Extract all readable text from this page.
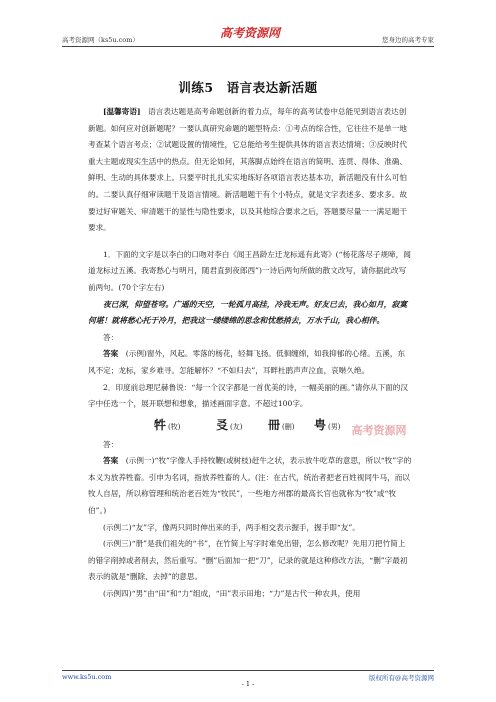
高考资源网（ks5u.com）	高考资源网	您身边的高考专家
训练5　语言表达新活题

[温馨寄语]　 语言表达题是高考命题创新的着力点，每年的高考试卷中总能见到语言表达创新题。如何应对创新题呢？一要认真研究命题的题型特点：①考点的综合性，它往往不是单一地考查某个语言考点；②试题设置的情境性，它总能给考生提供具体的语言表达情境；③反映时代重大主题或现实生活中的热点。但无论如何，其落脚点始终在语言的简明、连贯、得体、准确、鲜明、生动的具体要求上。只要平时扎扎实实地练好各项语言表达基本功，新活题没有什么可怕的。二要认真仔细审读题干及语言情境。新活题题干有个小特点，就是文字表述多、要求多。故要过好审题关、审清题干的显性与隐性要求，以及其他综合要求之后，答题要尽量一一满足题干要求。

1．下面的文字是以李白的口吻对李白《闻王昌龄左迁龙标遥有此寄》(“杨花落尽子规啼，闻道龙标过五溪。我寄愁心与明月，随君直到夜郎西”)一诗后两句所做的散文改写，请你据此改写前两句。(70个字左右)

夜已深，仰望苍穹。广遥的天空，一轮孤月高挂，冷我无声。好友已去，我心如月，寂寞何堪！就将愁心托于冷月，把我这一缕缕绵的思念和忧愁捎去，万水千山，我心相伴。

答：

答案　 (示例)窗外，风起。零落的杨花，轻舞飞扬。低徊缠绵，如我抑郁的心绪。五溪，东风不定；龙标，家乡难寻。怎能解怀？“不如归去”，耳畔杜鹃声声泣血，哀啭久绝。

2．印度前总理尼赫鲁说：“每一个汉字都是一首优美的诗，一幅美丽的画。”请你从下面的汉字中任选一个，展开联想和想象，描述画面字意。不超过100字。

牪 (牧)	㕛 (友) 冊 (删) 甹 (男) 高考资源网

答：

答案　 (示例一)“牧”字像人手持牧鞭(或树枝)赶牛之状，表示放牛吃草的意思，所以“牧”字的本义为放养牲畜。引申为名词，指放养牲畜的人。(注：在古代，统治者把老百姓视同牛马，而以牧人自居，所以称管理和统治老百姓为“牧民”，一些地方州郡的最高长官也就称为“牧”或“牧伯”。)

(示例二)“友”字，像两只同时伸出来的手，两手相交表示握手，握手即“友”。

(示例三)“册”是我们祖先的“书”，在竹简上写字时难免出错，怎么修改呢？先用刀把竹简上的错字削掉或者削去，然后重写。“删”后面加一把“刀”，记录的就是这种修改方法，“删”字最初表示的就是“删除、去掉”的意思。

(示例四)“男”由“田”和“力”组成，“田”表示田地；“力”是古代一种农具，使用

www.ks5u.com
- 1 -
版权所有@高考资源网
